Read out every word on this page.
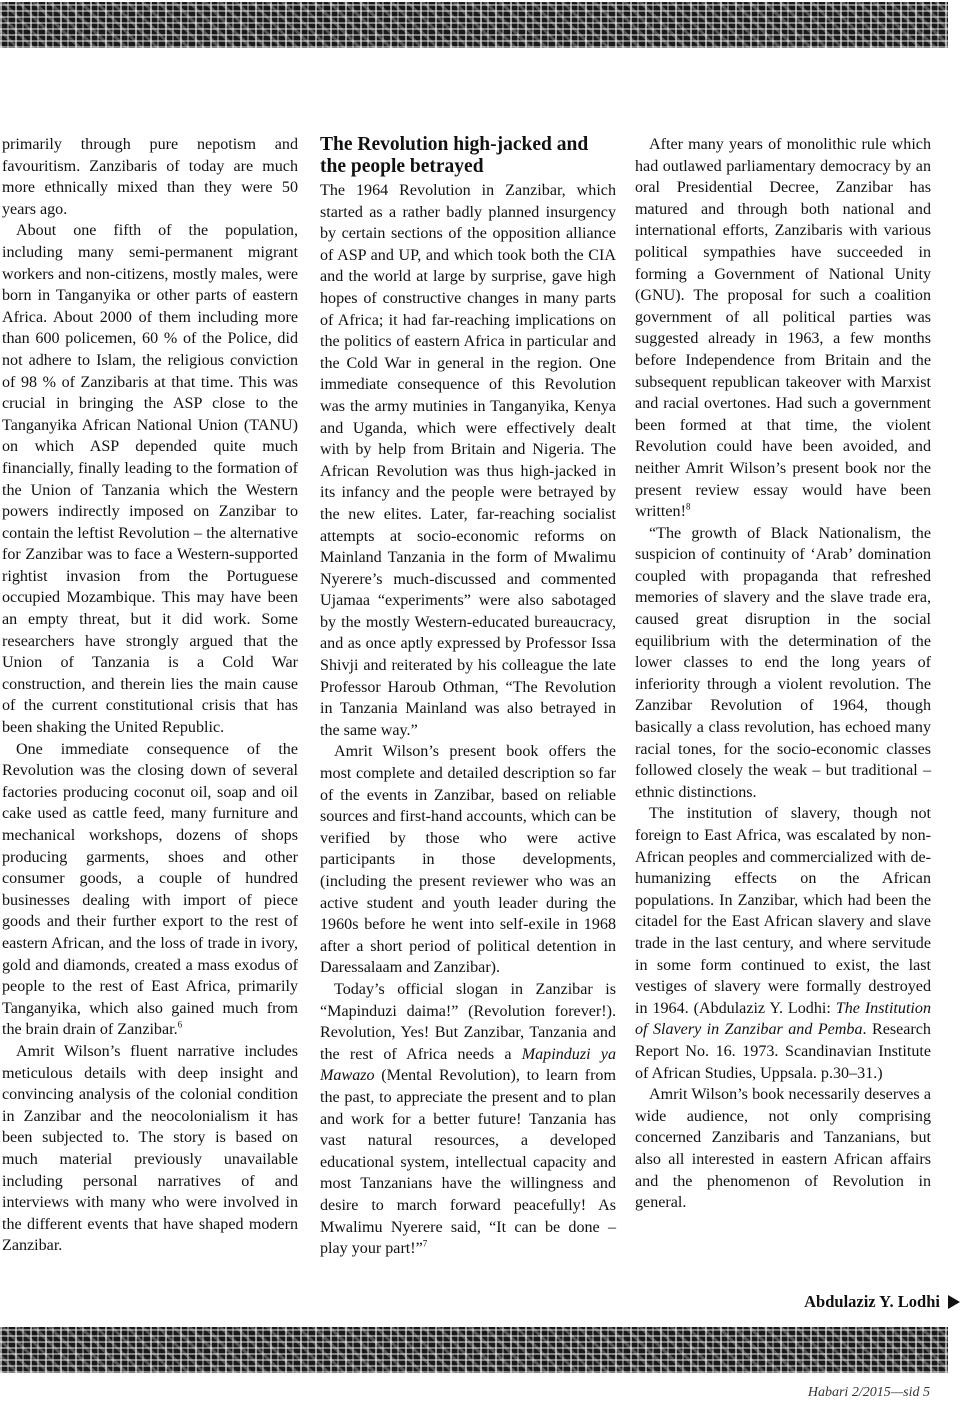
primarily through pure nepotism and favouritism. Zanzibaris of today are much more ethnically mixed than they were 50 years ago.

About one fifth of the population, including many semi-permanent migrant workers and non-citizens, mostly males, were born in Tanganyika or other parts of eastern Africa. About 2000 of them including more than 600 policemen, 60 % of the Police, did not adhere to Islam, the religious conviction of 98 % of Zanzibaris at that time. This was crucial in bringing the ASP close to the Tanganyika African National Union (TANU) on which ASP depended quite much financially, finally leading to the formation of the Union of Tanzania which the Western powers indirectly imposed on Zanzibar to contain the leftist Revolution – the alternative for Zanzibar was to face a Western-supported rightist invasion from the Portuguese occupied Mozambique. This may have been an empty threat, but it did work. Some researchers have strongly argued that the Union of Tanzania is a Cold War construction, and therein lies the main cause of the current constitutional crisis that has been shaking the United Republic.

One immediate consequence of the Revolution was the closing down of several factories producing coconut oil, soap and oil cake used as cattle feed, many furniture and mechanical workshops, dozens of shops producing garments, shoes and other consumer goods, a couple of hundred businesses dealing with import of piece goods and their further export to the rest of eastern African, and the loss of trade in ivory, gold and diamonds, created a mass exodus of people to the rest of East Africa, primarily Tanganyika, which also gained much from the brain drain of Zanzibar.$^6$

Amrit Wilson’s fluent narrative includes meticulous details with deep insight and convincing analysis of the colonial condition in Zanzibar and the neocolonialism it has been subjected to. The story is based on much material previously unavailable including personal narratives of and interviews with many who were involved in the different events that have shaped modern Zanzibar.

The Revolution high-jacked and the people betrayed

The 1964 Revolution in Zanzibar, which started as a rather badly planned insurgency by certain sections of the opposition alliance of ASP and UP, and which took both the CIA and the world at large by surprise, gave high hopes of constructive changes in many parts of Africa; it had far-reaching implications on the politics of eastern Africa in particular and the Cold War in general in the region. One immediate consequence of this Revolution was the army mutinies in Tanganyika, Kenya and Uganda, which were effectively dealt with by help from Britain and Nigeria. The African Revolution was thus high-jacked in its infancy and the people were betrayed by the new elites. Later, far-reaching socialist attempts at socio-economic reforms on Mainland Tanzania in the form of Mwalimu Nyerere’s much-discussed and commented Ujamaa “experiments” were also sabotaged by the mostly Western-educated bureaucracy, and as once aptly expressed by Professor Issa Shivji and reiterated by his colleague the late Professor Haroub Othman, “The Revolution in Tanzania Mainland was also betrayed in the same way.”

Amrit Wilson’s present book offers the most complete and detailed description so far of the events in Zanzibar, based on reliable sources and first-hand accounts, which can be verified by those who were active participants in those developments, (including the present reviewer who was an active student and youth leader during the 1960s before he went into self-exile in 1968 after a short period of political detention in Daressalaam and Zanzibar).

Today’s official slogan in Zanzibar is “Mapinduzi daima!” (Revolution forever!). Revolution, Yes! But Zanzibar, Tanzania and the rest of Africa needs a Mapinduzi ya Mawazo (Mental Revolution), to learn from the past, to appreciate the present and to plan and work for a better future! Tanzania has vast natural resources, a developed educational system, intellectual capacity and most Tanzanians have the willingness and desire to march forward peacefully! As Mwalimu Nyerere said, “It can be done – play your part!”$^7$

After many years of monolithic rule which had outlawed parliamentary democracy by an oral Presidential Decree, Zanzibar has matured and through both national and international efforts, Zanzibaris with various political sympathies have succeeded in forming a Government of National Unity (GNU). The proposal for such a coalition government of all political parties was suggested already in 1963, a few months before Independence from Britain and the subsequent republican takeover with Marxist and racial overtones. Had such a government been formed at that time, the violent Revolution could have been avoided, and neither Amrit Wilson’s present book nor the present review essay would have been written!$^8$

“The growth of Black Nationalism, the suspicion of continuity of ‘Arab’ domination coupled with propaganda that refreshed memories of slavery and the slave trade era, caused great disruption in the social equilibrium with the determination of the lower classes to end the long years of inferiority through a violent revolution. The Zanzibar Revolution of 1964, though basically a class revolution, has echoed many racial tones, for the socio-economic classes followed closely the weak – but traditional – ethnic distinctions.

The institution of slavery, though not foreign to East Africa, was escalated by non-African peoples and commercialized with de-humanizing effects on the African populations. In Zanzibar, which had been the citadel for the East African slavery and slave trade in the last century, and where servitude in some form continued to exist, the last vestiges of slavery were formally destroyed in 1964. (Abdulaziz Y. Lodhi: The Institution of Slavery in Zanzibar and Pemba. Research Report No. 16. 1973. Scandinavian Institute of African Studies, Uppsala. p.30–31.)

Amrit Wilson’s book necessarily deserves a wide audience, not only comprising concerned Zanzibaris and Tanzanians, but also all interested in eastern African affairs and the phenomenon of Revolution in general.

Abdulaziz Y. Lodhi
Habari 2/2015—sid 5
